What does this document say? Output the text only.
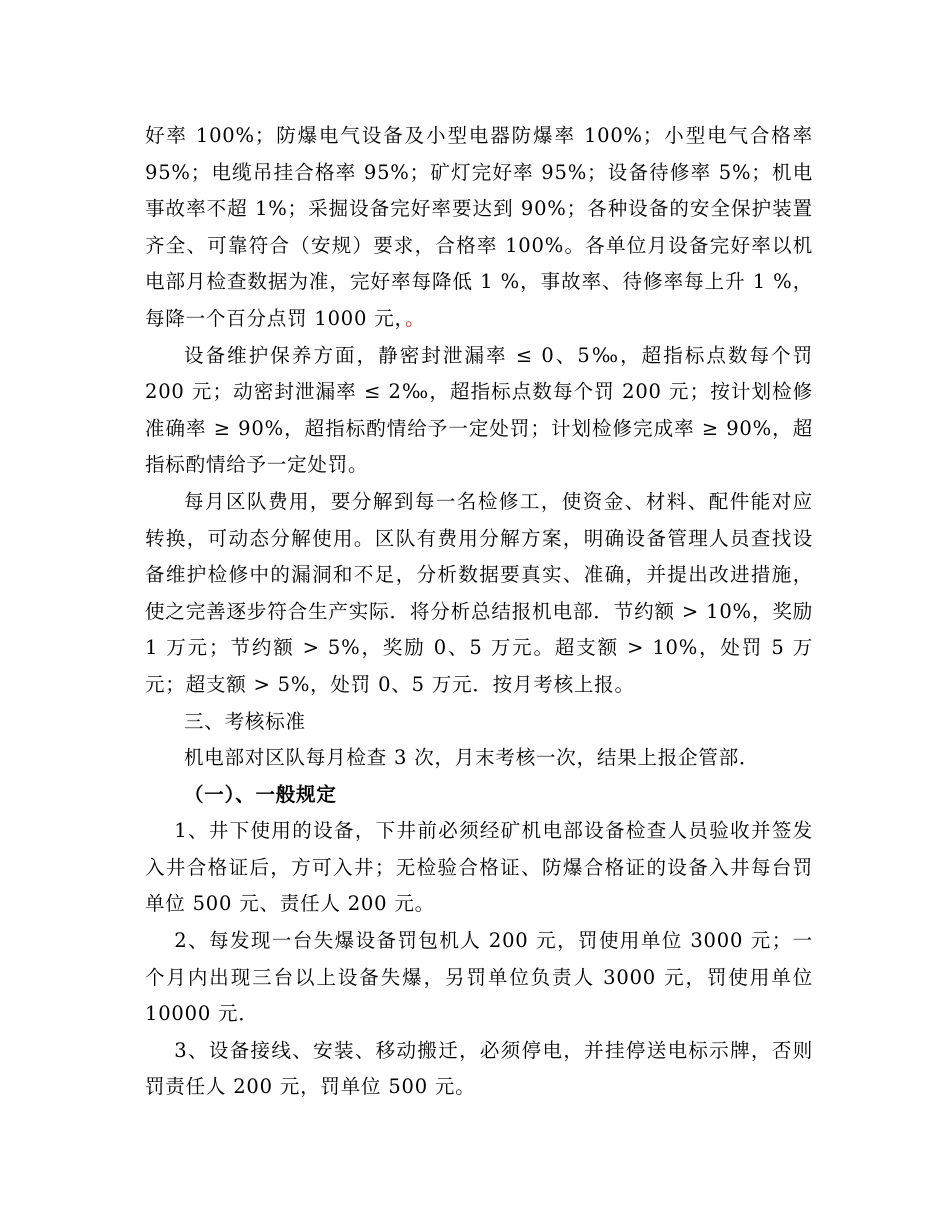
好率 100%；防爆电气设备及小型电器防爆率 100%；小型电气合格率 95%；电缆吊挂合格率 95%；矿灯完好率 95%；设备待修率 5%；机电事故率不超 1%；采掘设备完好率要达到 90%；各种设备的安全保护装置齐全、可靠符合（安规）要求，合格率 100%。各单位月设备完好率以机电部月检查数据为准，完好率每降低 1 %，事故率、待修率每上升 1 %，每降一个百分点罚 1000 元，。

设备维护保养方面，静密封泄漏率 ≤ 0、5‰，超指标点数每个罚 200 元；动密封泄漏率 ≤ 2‰，超指标点数每个罚 200 元；按计划检修准确率 ≥ 90%，超指标酌情给予一定处罚；计划检修完成率 ≥ 90%，超指标酌情给予一定处罚。

每月区队费用，要分解到每一名检修工，使资金、材料、配件能对应转换，可动态分解使用。区队有费用分解方案，明确设备管理人员查找设备维护检修中的漏洞和不足，分析数据要真实、准确，并提出改进措施，使之完善逐步符合生产实际．将分析总结报机电部．节约额 > 10%，奖励 1 万元；节约额 > 5%，奖励 0、5 万元。超支额 > 10%，处罚 5 万元；超支额 > 5%，处罚 0、5 万元．按月考核上报。

三、考核标准

机电部对区队每月检查 3 次，月末考核一次，结果上报企管部．

（一）、一般规定

1、井下使用的设备，下井前必须经矿机电部设备检查人员验收并签发入井合格证后，方可入井；无检验合格证、防爆合格证的设备入井每台罚单位 500 元、责任人 200 元。

2、每发现一台失爆设备罚包机人 200 元，罚使用单位 3000 元；一个月内出现三台以上设备失爆，另罚单位负责人 3000 元，罚使用单位 10000 元．

3、设备接线、安装、移动搬迁，必须停电，并挂停送电标示牌，否则罚责任人 200 元，罚单位 500 元。
